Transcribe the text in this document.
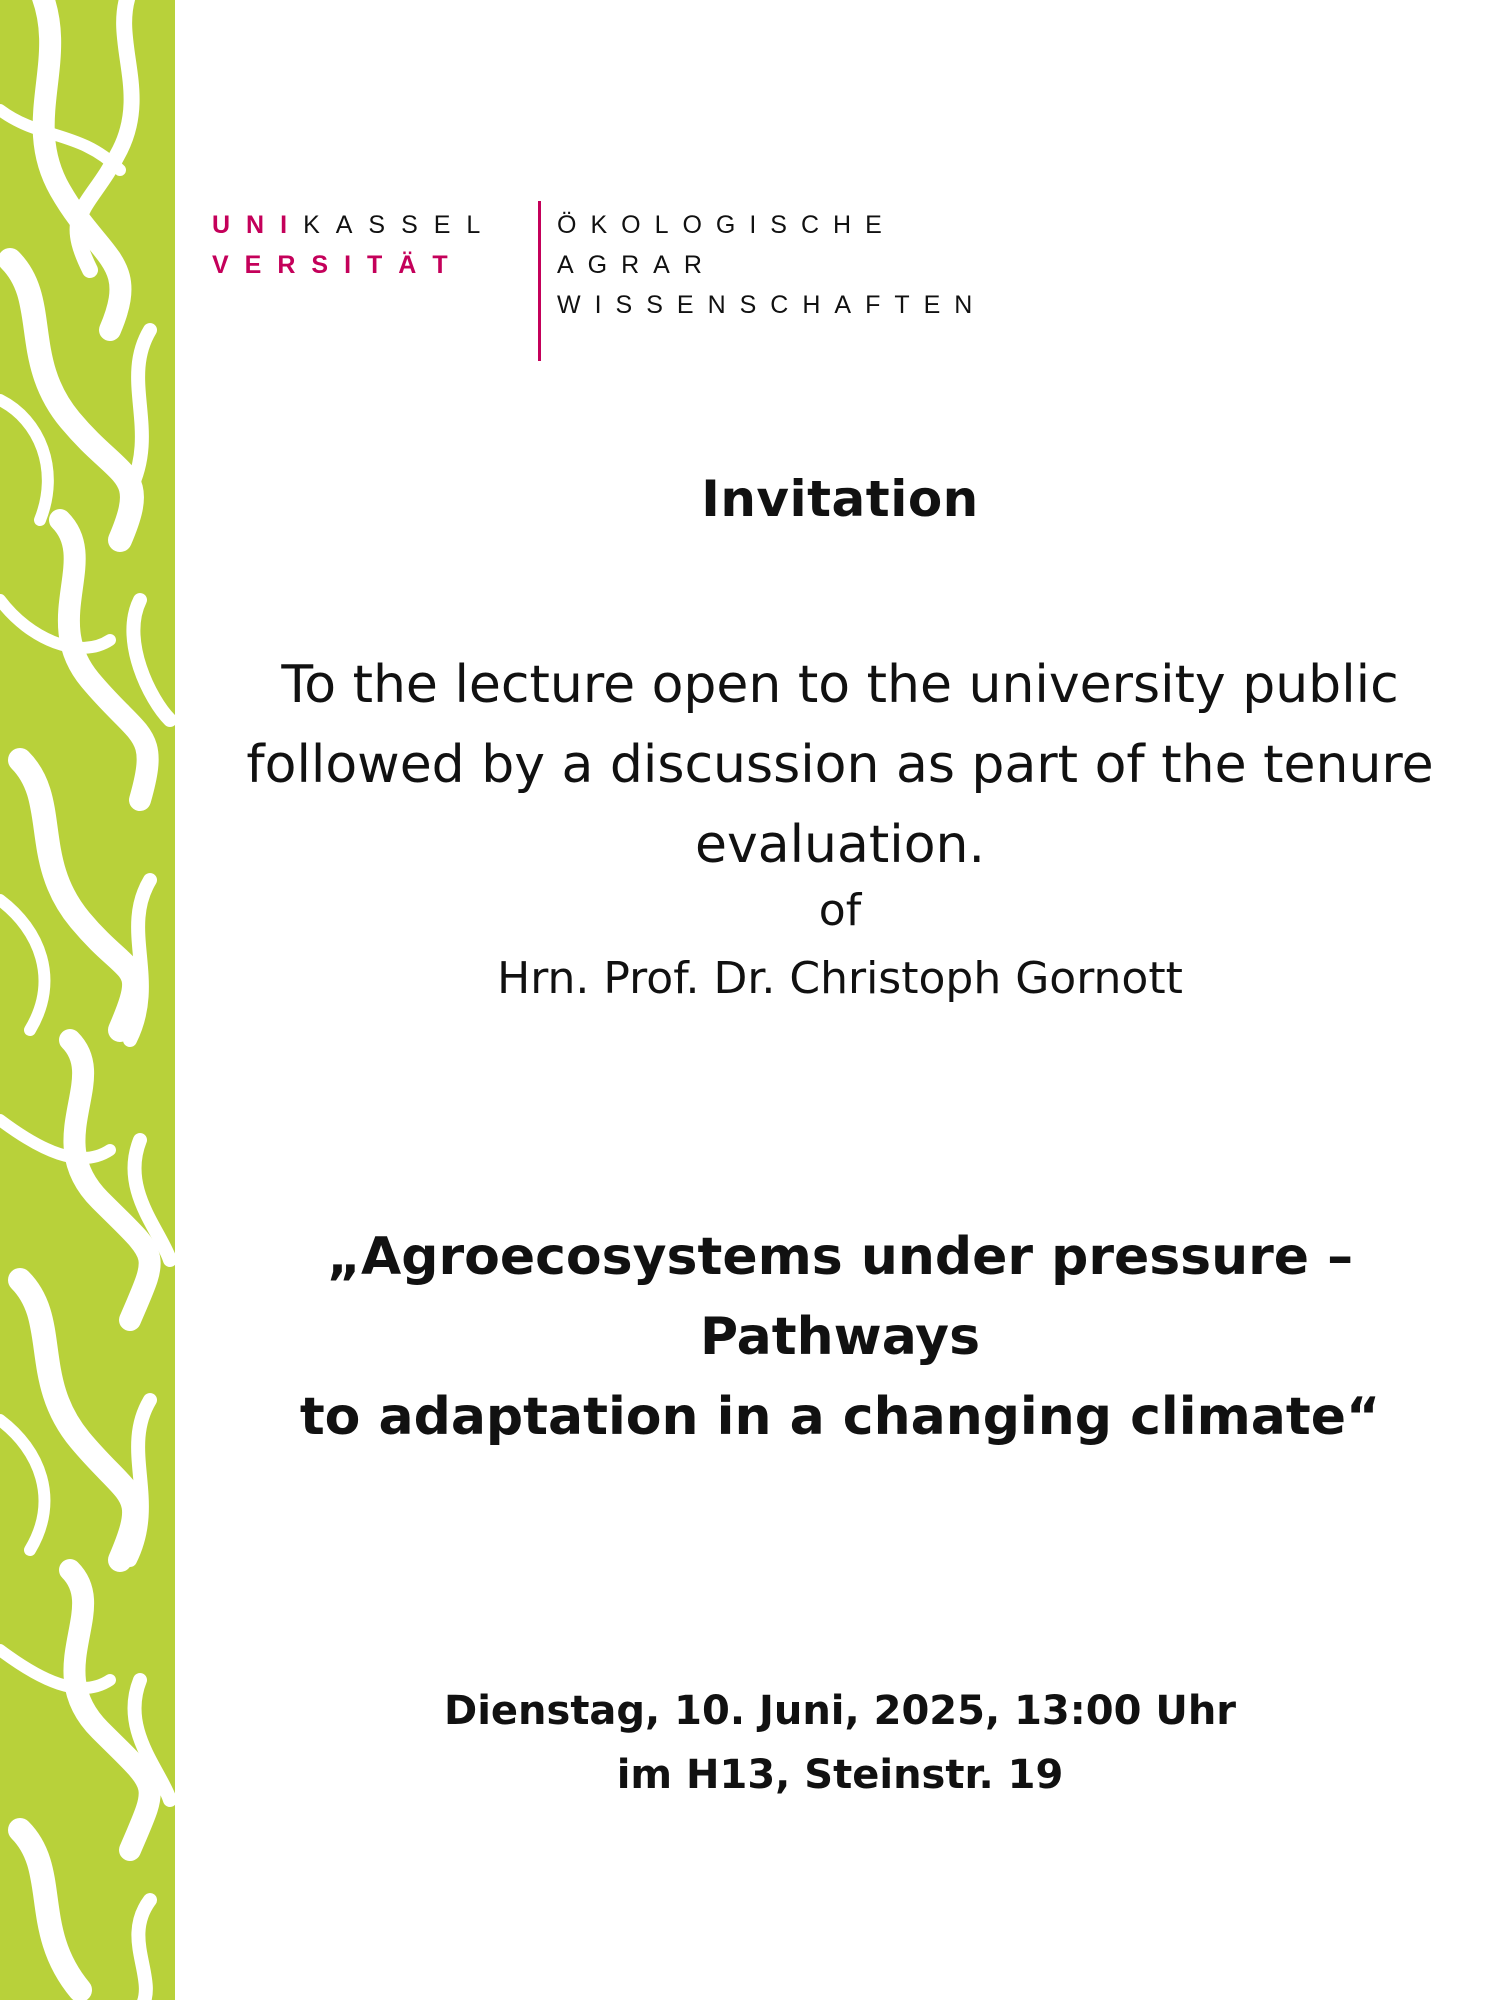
UNI KASSEL
VERSITÄT
ÖKOLOGISCHE
AGRAR
WISSENSCHAFTEN
Invitation
To the lecture open to the university public
followed by a discussion as part of the tenure
evaluation.
of
Hrn. Prof. Dr. Christoph Gornott
„Agroecosystems under pressure – Pathways
to adaptation in a changing climate“
Dienstag, 10. Juni, 2025, 13:00 Uhr
im H13, Steinstr. 19
